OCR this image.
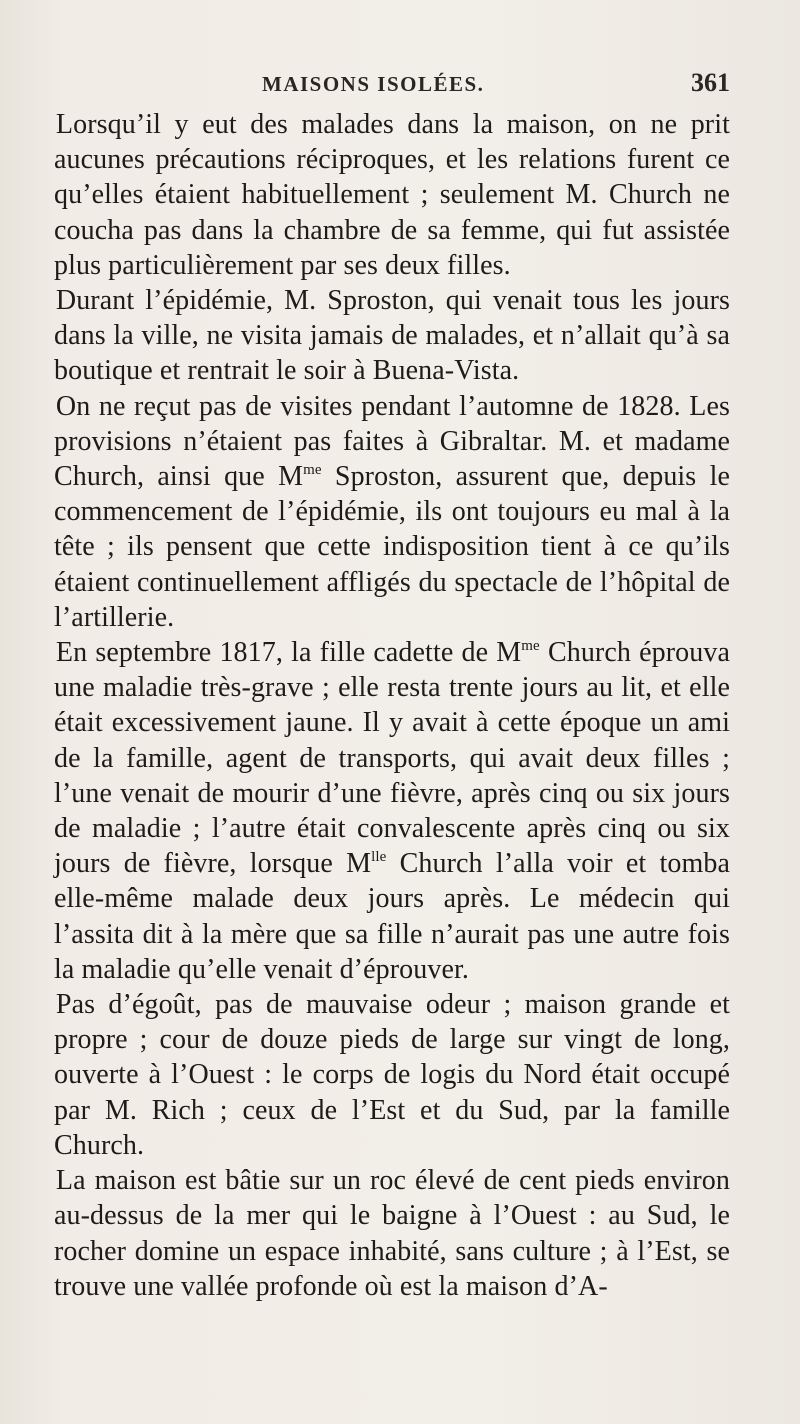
MAISONS ISOLÉES.	361

Lorsqu’il y eut des malades dans la maison, on ne prit aucunes précautions réciproques, et les relations furent ce qu’elles étaient habituellement ; seulement M. Church ne coucha pas dans la chambre de sa femme, qui fut assistée plus particulièrement par ses deux filles.

Durant l’épidémie, M. Sproston, qui venait tous les jours dans la ville, ne visita jamais de malades, et n’allait qu’à sa boutique et rentrait le soir à Buena-Vista.

On ne reçut pas de visites pendant l’automne de 1828. Les provisions n’étaient pas faites à Gibraltar. M. et madame Church, ainsi que $M^{me}$ Sproston, assurent que, depuis le commencement de l’épidémie, ils ont toujours eu mal à la tête ; ils pensent que cette indisposition tient à ce qu’ils étaient continuellement affligés du spectacle de l’hôpital de l’artillerie.

En septembre 1817, la fille cadette de $M^{me}$ Church éprouva une maladie très-grave ; elle resta trente jours au lit, et elle était excessivement jaune. Il y avait à cette époque un ami de la famille, agent de transports, qui avait deux filles ; l’une venait de mourir d’une fièvre, après cinq ou six jours de maladie ; l’autre était convalescente après cinq ou six jours de fièvre, lorsque $M^{lle}$ Church l’alla voir et tomba elle-même malade deux jours après. Le médecin qui l’assita dit à la mère que sa fille n’aurait pas une autre fois la maladie qu’elle venait d’éprouver.

Pas d’égoût, pas de mauvaise odeur ; maison grande et propre ; cour de douze pieds de large sur vingt de long, ouverte à l’Ouest : le corps de logis du Nord était occupé par M. Rich ; ceux de l’Est et du Sud, par la famille Church.

La maison est bâtie sur un roc élevé de cent pieds environ au-dessus de la mer qui le baigne à l’Ouest : au Sud, le rocher domine un espace inhabité, sans culture ; à l’Est, se trouve une vallée profonde où est la maison d’A-
